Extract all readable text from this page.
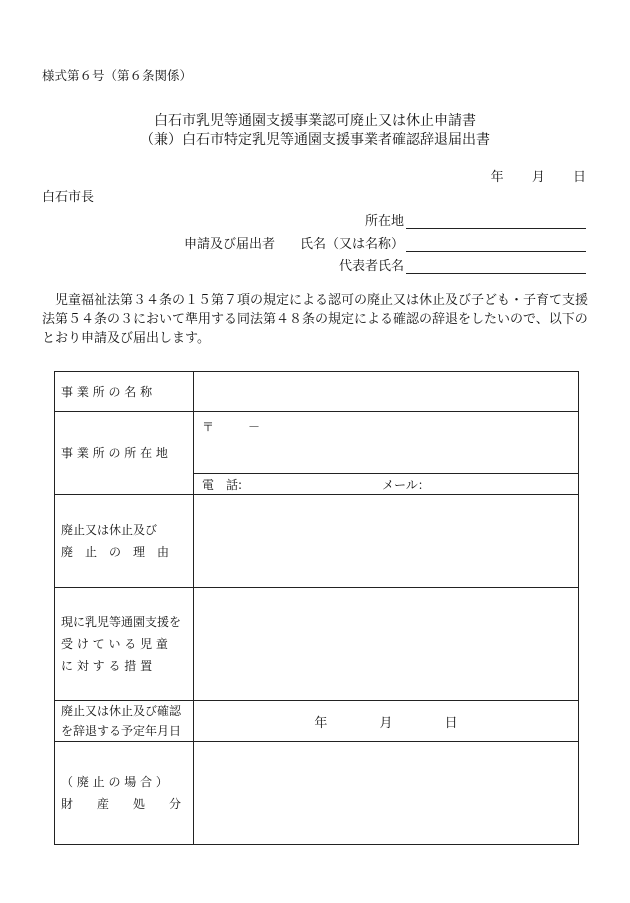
様式第６号（第６条関係）
白石市乳児等通園支援事業認可廃止又は休止申請書
（兼）白石市特定乳児等通園支援事業者確認辞退届出書
年 月 日
白石市長
所在地
申請及び届出者 氏名（又は名称）
代表者氏名
児童福祉法第３４条の１５第７項の規定による認可の廃止又は休止及び子ども・子育て支援法第５４条の３において準用する同法第４８条の規定による確認の辞退をしたいので、以下のとおり申請及び届出します。
事 業 所 の 名 称	
事 業 所 の 所 在 地	〒 －

	電　話: メール：

廃止又は休止及び
廃　止　の　理　由	

現に乳児等通園支援を
受 け て い る 児 童
に 対 す る 措 置	

廃止又は休止及び確認
を辞退する予定年月日	年 月 日

（ 廃 止 の 場 合 ）
財　　産　　処　　分	
